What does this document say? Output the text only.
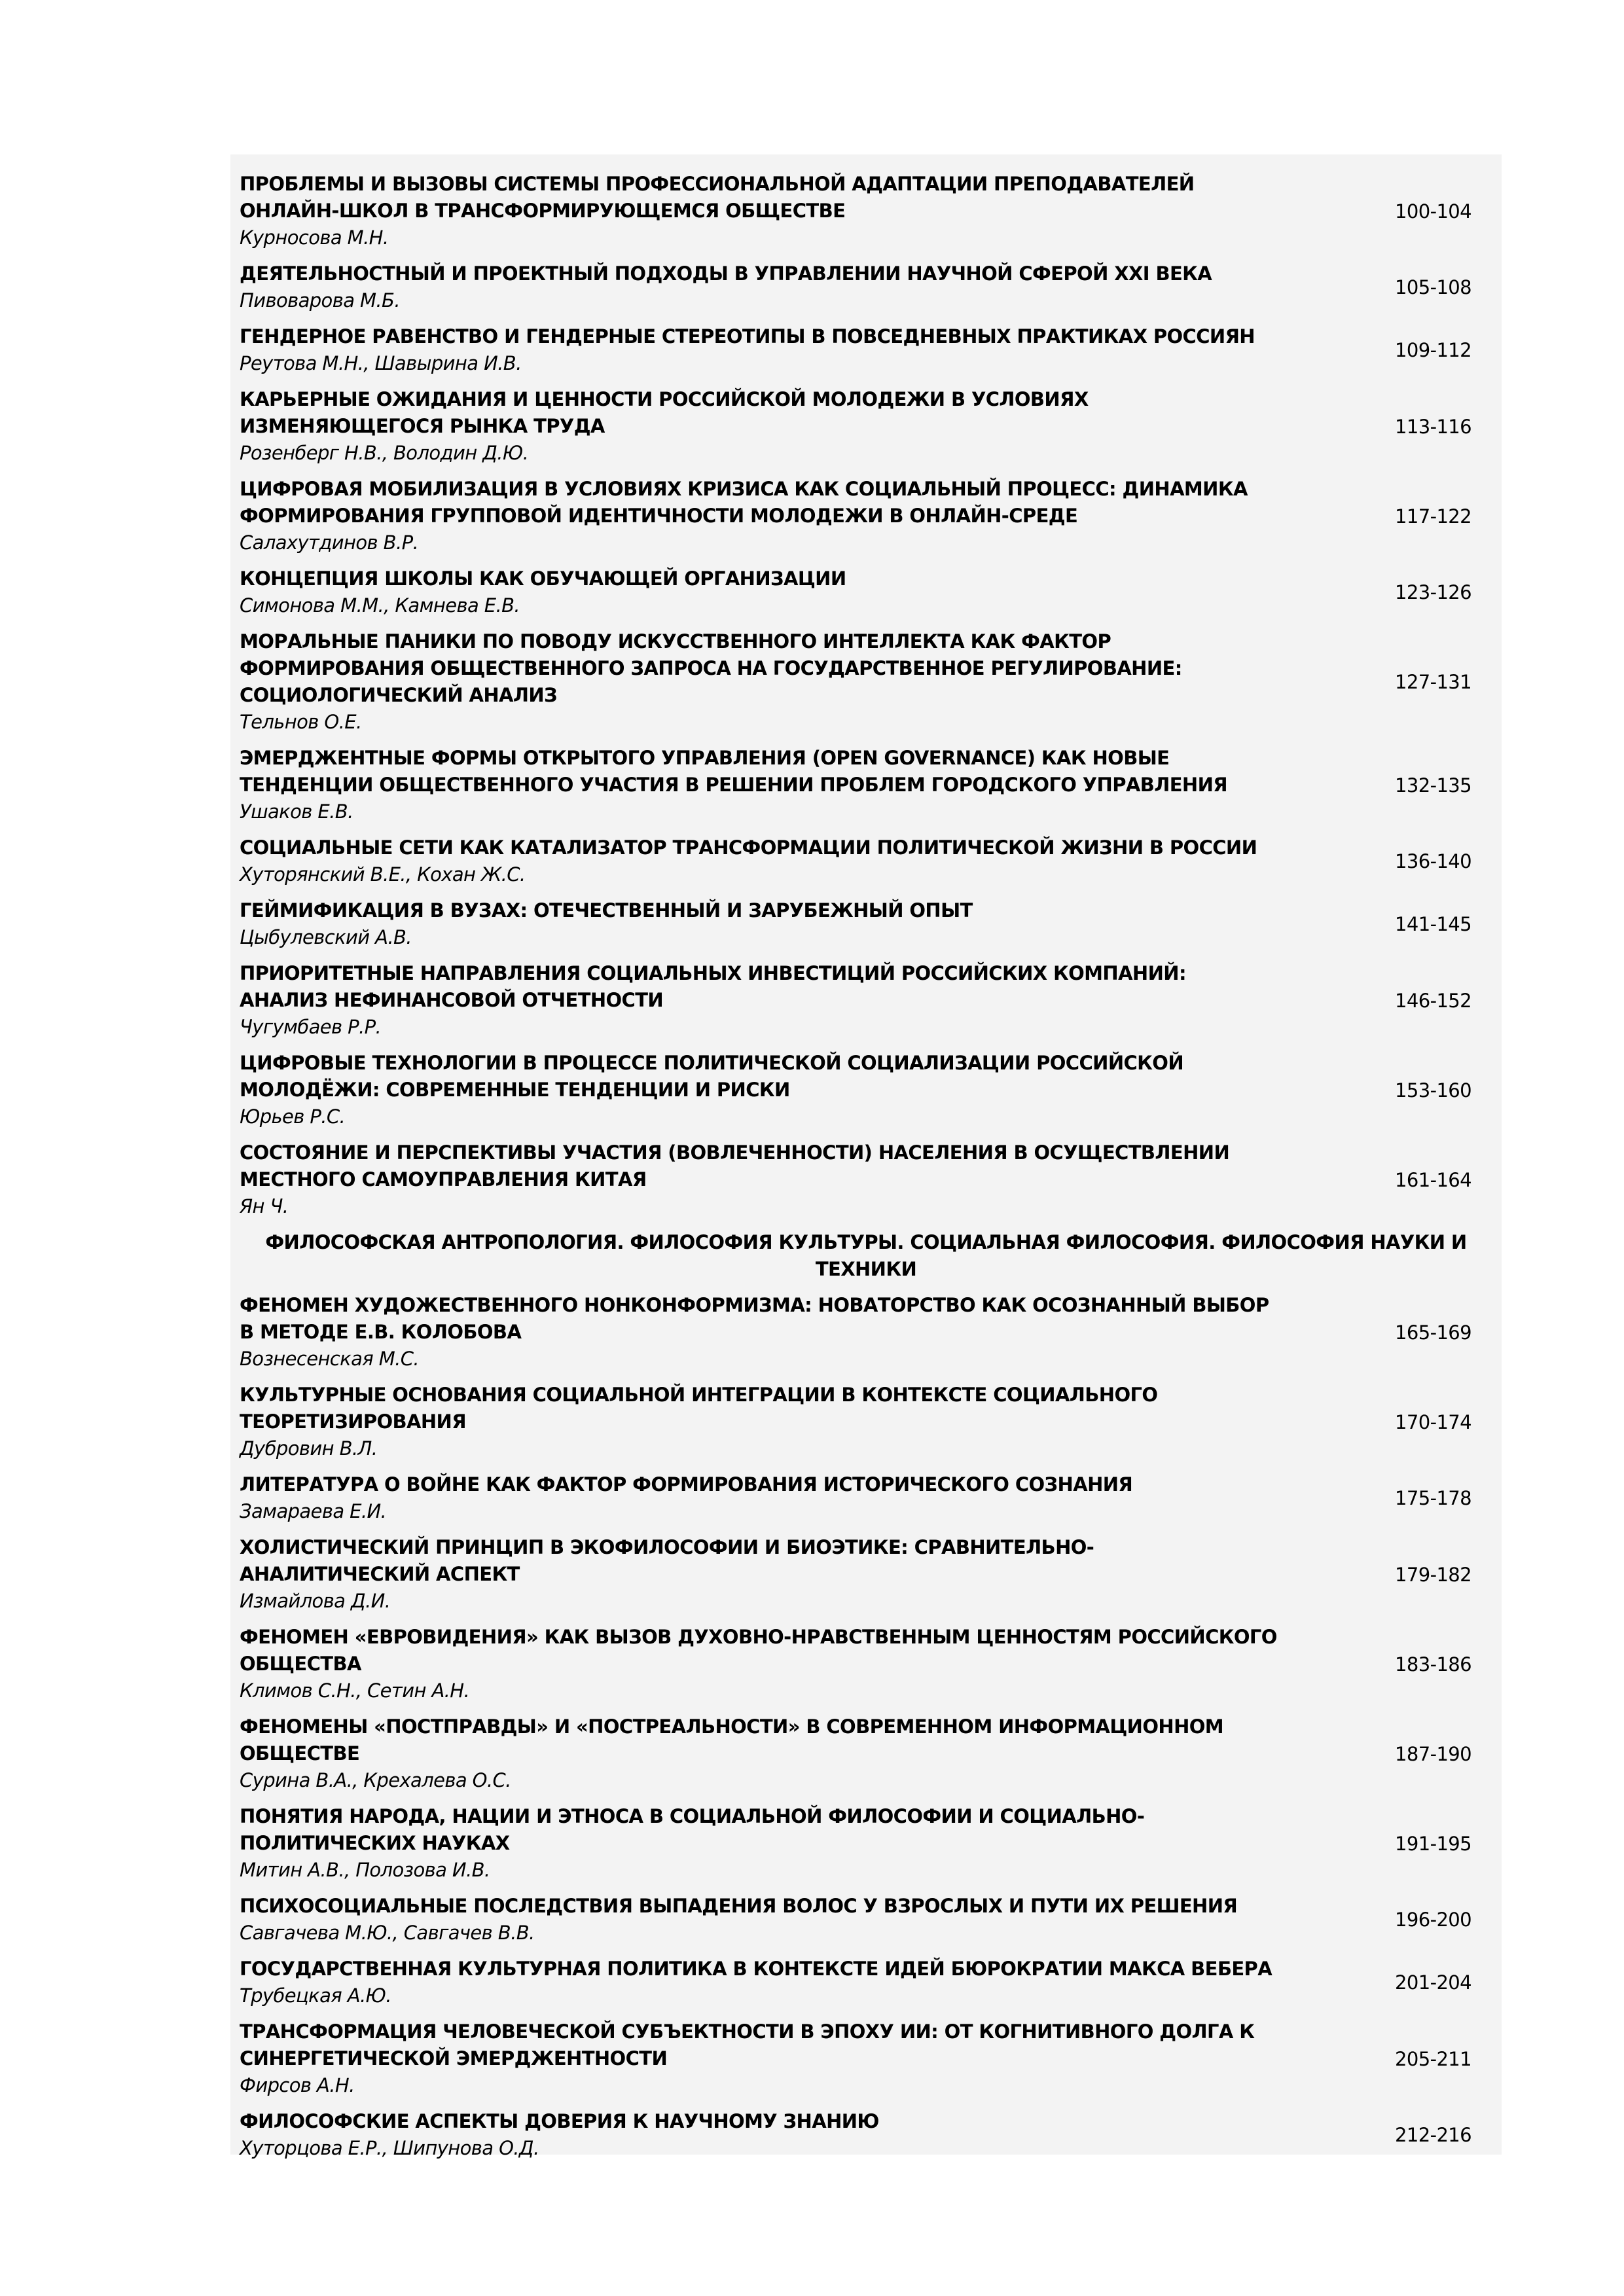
ПРОБЛЕМЫ И ВЫЗОВЫ СИСТЕМЫ ПРОФЕССИОНАЛЬНОЙ АДАПТАЦИИ ПРЕПОДАВАТЕЛЕЙ
ОНЛАЙН-ШКОЛ В ТРАНСФОРМИРУЮЩЕМСЯ ОБЩЕСТВЕ
Курносова М.Н.
100-104
ДЕЯТЕЛЬНОСТНЫЙ И ПРОЕКТНЫЙ ПОДХОДЫ В УПРАВЛЕНИИ НАУЧНОЙ СФЕРОЙ XXI ВЕКА
Пивоварова М.Б.
105-108
ГЕНДЕРНОЕ РАВЕНСТВО И ГЕНДЕРНЫЕ СТЕРЕОТИПЫ В ПОВСЕДНЕВНЫХ ПРАКТИКАХ РОССИЯН
Реутова М.Н., Шавырина И.В.
109-112
КАРЬЕРНЫЕ ОЖИДАНИЯ И ЦЕННОСТИ РОССИЙСКОЙ МОЛОДЕЖИ В УСЛОВИЯХ
ИЗМЕНЯЮЩЕГОСЯ РЫНКА ТРУДА
Розенберг Н.В., Володин Д.Ю.
113-116
ЦИФРОВАЯ МОБИЛИЗАЦИЯ В УСЛОВИЯХ КРИЗИСА КАК СОЦИАЛЬНЫЙ ПРОЦЕСС: ДИНАМИКА
ФОРМИРОВАНИЯ ГРУППОВОЙ ИДЕНТИЧНОСТИ МОЛОДЕЖИ В ОНЛАЙН-СРЕДЕ
Салахутдинов В.Р.
117-122
КОНЦЕПЦИЯ ШКОЛЫ КАК ОБУЧАЮЩЕЙ ОРГАНИЗАЦИИ
Симонова М.М., Камнева Е.В.
123-126
МОРАЛЬНЫЕ ПАНИКИ ПО ПОВОДУ ИСКУССТВЕННОГО ИНТЕЛЛЕКТА КАК ФАКТОР
ФОРМИРОВАНИЯ ОБЩЕСТВЕННОГО ЗАПРОСА НА ГОСУДАРСТВЕННОЕ РЕГУЛИРОВАНИЕ:
СОЦИОЛОГИЧЕСКИЙ АНАЛИЗ
Тельнов О.Е.
127-131
ЭМЕРДЖЕНТНЫЕ ФОРМЫ ОТКРЫТОГО УПРАВЛЕНИЯ (OPEN GOVERNANCE) КАК НОВЫЕ
ТЕНДЕНЦИИ ОБЩЕСТВЕННОГО УЧАСТИЯ В РЕШЕНИИ ПРОБЛЕМ ГОРОДСКОГО УПРАВЛЕНИЯ
Ушаков Е.В.
132-135
СОЦИАЛЬНЫЕ СЕТИ КАК КАТАЛИЗАТОР ТРАНСФОРМАЦИИ ПОЛИТИЧЕСКОЙ ЖИЗНИ В РОССИИ
Хуторянский В.Е., Кохан Ж.С.
136-140
ГЕЙМИФИКАЦИЯ В ВУЗАХ: ОТЕЧЕСТВЕННЫЙ И ЗАРУБЕЖНЫЙ ОПЫТ
Цыбулевский А.В.
141-145
ПРИОРИТЕТНЫЕ НАПРАВЛЕНИЯ СОЦИАЛЬНЫХ ИНВЕСТИЦИЙ РОССИЙСКИХ КОМПАНИЙ:
АНАЛИЗ НЕФИНАНСОВОЙ ОТЧЕТНОСТИ
Чугумбаев Р.Р.
146-152
ЦИФРОВЫЕ ТЕХНОЛОГИИ В ПРОЦЕССЕ ПОЛИТИЧЕСКОЙ СОЦИАЛИЗАЦИИ РОССИЙСКОЙ
МОЛОДЁЖИ: СОВРЕМЕННЫЕ ТЕНДЕНЦИИ И РИСКИ
Юрьев Р.С.
153-160
СОСТОЯНИЕ И ПЕРСПЕКТИВЫ УЧАСТИЯ (ВОВЛЕЧЕННОСТИ) НАСЕЛЕНИЯ В ОСУЩЕСТВЛЕНИИ
МЕСТНОГО САМОУПРАВЛЕНИЯ КИТАЯ
Ян Ч.
161-164
ФИЛОСОФСКАЯ АНТРОПОЛОГИЯ. ФИЛОСОФИЯ КУЛЬТУРЫ. СОЦИАЛЬНАЯ ФИЛОСОФИЯ. ФИЛОСОФИЯ НАУКИ И ТЕХНИКИ
ФЕНОМЕН ХУДОЖЕСТВЕННОГО НОНКОНФОРМИЗМА: НОВАТОРСТВО КАК ОСОЗНАННЫЙ ВЫБОР
В МЕТОДЕ Е.В. КОЛОБОВА
Вознесенская М.С.
165-169
КУЛЬТУРНЫЕ ОСНОВАНИЯ СОЦИАЛЬНОЙ ИНТЕГРАЦИИ В КОНТЕКСТЕ СОЦИАЛЬНОГО
ТЕОРЕТИЗИРОВАНИЯ
Дубровин В.Л.
170-174
ЛИТЕРАТУРА О ВОЙНЕ КАК ФАКТОР ФОРМИРОВАНИЯ ИСТОРИЧЕСКОГО СОЗНАНИЯ
Замараева Е.И.
175-178
ХОЛИСТИЧЕСКИЙ ПРИНЦИП В ЭКОФИЛОСОФИИ И БИОЭТИКЕ: СРАВНИТЕЛЬНО-
АНАЛИТИЧЕСКИЙ АСПЕКТ
Измайлова Д.И.
179-182
ФЕНОМЕН «ЕВРОВИДЕНИЯ» КАК ВЫЗОВ ДУХОВНО-НРАВСТВЕННЫМ ЦЕННОСТЯМ РОССИЙСКОГО
ОБЩЕСТВА
Климов С.Н., Сетин А.Н.
183-186
ФЕНОМЕНЫ «ПОСТПРАВДЫ» И «ПОСТРЕАЛЬНОСТИ» В СОВРЕМЕННОМ ИНФОРМАЦИОННОМ
ОБЩЕСТВЕ
Сурина В.А., Крехалева О.С.
187-190
ПОНЯТИЯ НАРОДА, НАЦИИ И ЭТНОСА В СОЦИАЛЬНОЙ ФИЛОСОФИИ И СОЦИАЛЬНО-
ПОЛИТИЧЕСКИХ НАУКАХ
Митин А.В., Полозова И.В.
191-195
ПСИХОСОЦИАЛЬНЫЕ ПОСЛЕДСТВИЯ ВЫПАДЕНИЯ ВОЛОС У ВЗРОСЛЫХ И ПУТИ ИХ РЕШЕНИЯ
Савгачева М.Ю., Савгачев В.В.
196-200
ГОСУДАРСТВЕННАЯ КУЛЬТУРНАЯ ПОЛИТИКА В КОНТЕКСТЕ ИДЕЙ БЮРОКРАТИИ МАКСА ВЕБЕРА
Трубецкая А.Ю.
201-204
ТРАНСФОРМАЦИЯ ЧЕЛОВЕЧЕСКОЙ СУБЪЕКТНОСТИ В ЭПОХУ ИИ: ОТ КОГНИТИВНОГО ДОЛГА К
СИНЕРГЕТИЧЕСКОЙ ЭМЕРДЖЕНТНОСТИ
Фирсов А.Н.
205-211
ФИЛОСОФСКИЕ АСПЕКТЫ ДОВЕРИЯ К НАУЧНОМУ ЗНАНИЮ
Хуторцова Е.Р., Шипунова О.Д.
212-216
